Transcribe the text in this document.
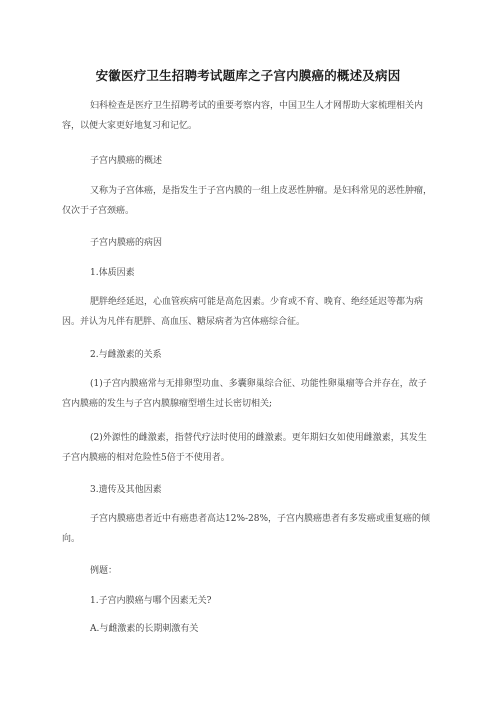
安徽医疗卫生招聘考试题库之子宫内膜癌的概述及病因

妇科检查是医疗卫生招聘考试的重要考察内容，中国卫生人才网帮助大家梳理相关内容，以便大家更好地复习和记忆。

子宫内膜癌的概述

又称为子宫体癌，是指发生于子宫内膜的一组上皮恶性肿瘤。是妇科常见的恶性肿瘤，仅次于子宫颈癌。

子宫内膜癌的病因
1.体质因素

肥胖绝经延迟，心血管疾病可能是高危因素。少育或不育、晚育、绝经延迟等都为病因。并认为凡伴有肥胖、高血压、糖尿病者为宫体癌综合征。

2.与雌激素的关系

(1)子宫内膜癌常与无排卵型功血、多囊卵巢综合征、功能性卵巢瘤等合并存在，故子宫内膜癌的发生与子宫内膜腺瘤型增生过长密切相关;

(2)外源性的雌激素，指替代疗法时使用的雌激素。更年期妇女如使用雌激素，其发生子宫内膜癌的相对危险性5倍于不使用者。

3.遗传及其他因素

子宫内膜癌患者近中有癌患者高达12%-28%，子宫内膜癌患者有多发癌或重复癌的倾向。

例题：
1.子宫内膜癌与哪个因素无关?
A.与雌激素的长期刺激有关
